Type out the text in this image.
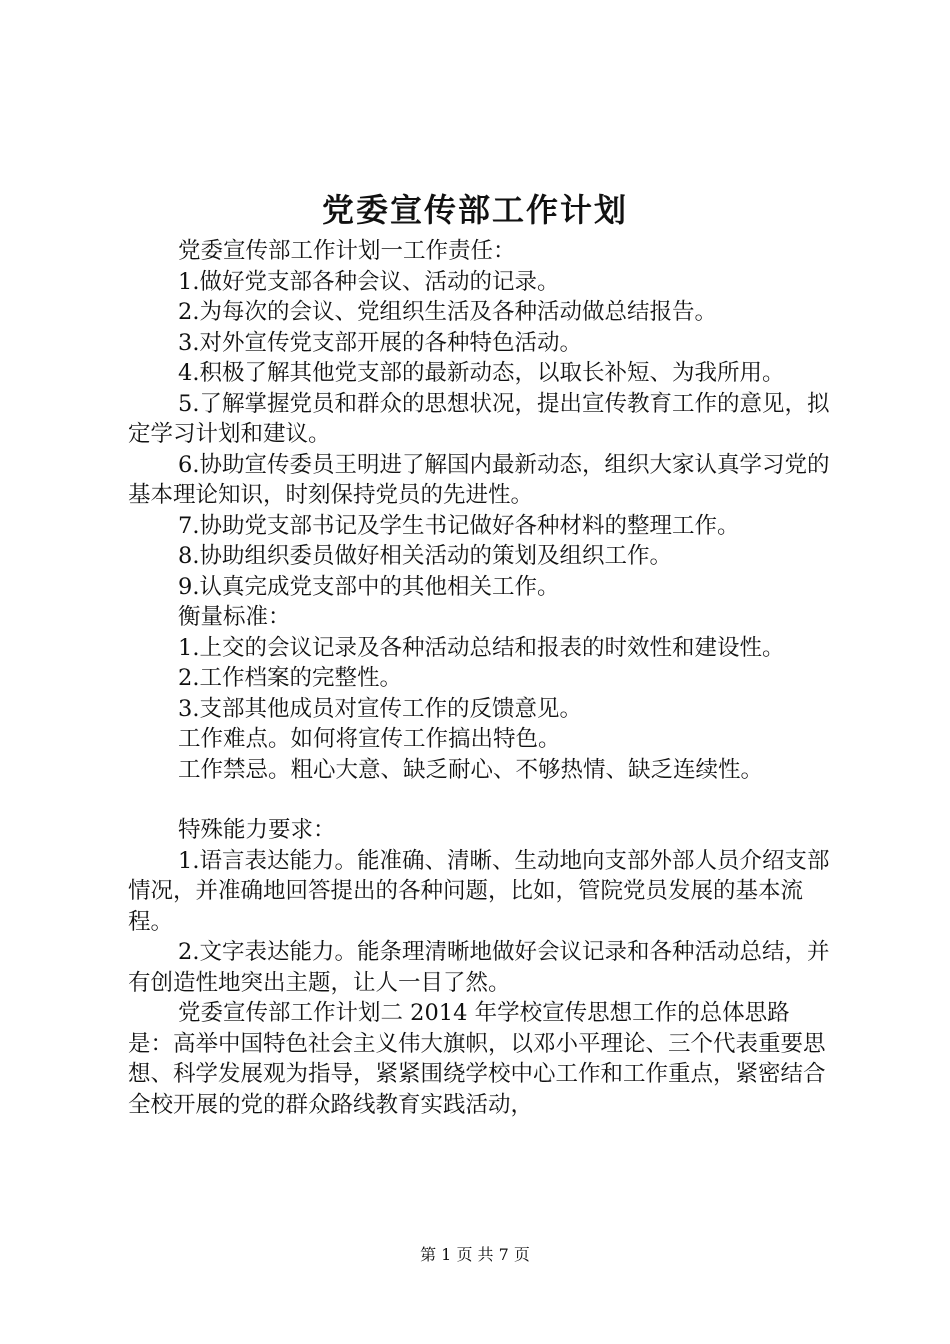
党委宣传部工作计划

党委宣传部工作计划一工作责任：

1.做好党支部各种会议、活动的记录。

2.为每次的会议、党组织生活及各种活动做总结报告。

3.对外宣传党支部开展的各种特色活动。

4.积极了解其他党支部的最新动态，以取长补短、为我所用。

5.了解掌握党员和群众的思想状况，提出宣传教育工作的意见，拟定学习计划和建议。

6.协助宣传委员王明进了解国内最新动态，组织大家认真学习党的基本理论知识，时刻保持党员的先进性。

7.协助党支部书记及学生书记做好各种材料的整理工作。

8.协助组织委员做好相关活动的策划及组织工作。

9.认真完成党支部中的其他相关工作。

衡量标准：

1.上交的会议记录及各种活动总结和报表的时效性和建设性。

2.工作档案的完整性。

3.支部其他成员对宣传工作的反馈意见。

工作难点。如何将宣传工作搞出特色。

工作禁忌。粗心大意、缺乏耐心、不够热情、缺乏连续性。

特殊能力要求：

1.语言表达能力。能准确、清晰、生动地向支部外部人员介绍支部情况，并准确地回答提出的各种问题，比如，管院党员发展的基本流程。

2.文字表达能力。能条理清晰地做好会议记录和各种活动总结，并有创造性地突出主题，让人一目了然。

党委宣传部工作计划二 2014 年学校宣传思想工作的总体思路是：高举中国特色社会主义伟大旗帜，以邓小平理论、三个代表重要思想、科学发展观为指导，紧紧围绕学校中心工作和工作重点，紧密结合全校开展的党的群众路线教育实践活动，

第 1 页 共 7 页
